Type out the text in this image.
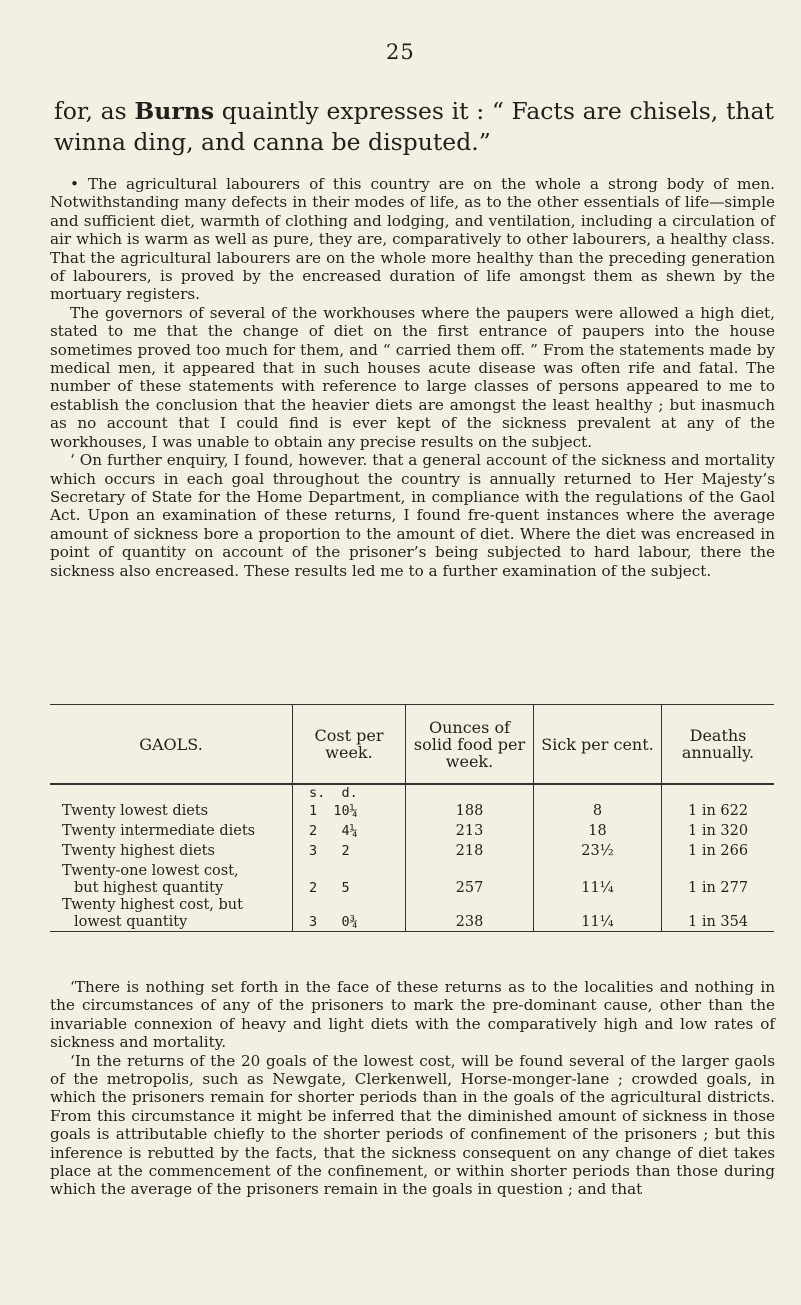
25
for, as Burns quaintly expresses it : “ Facts are chisels, that winna ding, and canna be disputed.”

• The agricultural labourers of this country are on the whole a strong body of men. Notwithstanding many defects in their modes of life, as to the other essentials of life—simple and sufficient diet, warmth of clothing and lodging, and ventilation, including a circulation of air which is warm as well as pure, they are, comparatively to other labourers, a healthy class. That the agricultural labourers are on the whole more healthy than the preceding generation of labourers, is proved by the encreased duration of life amongst them as shewn by the mortuary registers.

The governors of several of the workhouses where the paupers were allowed a high diet, stated to me that the change of diet on the first entrance of paupers into the house sometimes proved too much for them, and “ carried them off. ” From the statements made by medical men, it appeared that in such houses acute disease was often rife and fatal. The number of these statements with reference to large classes of persons appeared to me to establish the conclusion that the heavier diets are amongst the least healthy ; but inasmuch as no account that I could find is ever kept of the sickness prevalent at any of the workhouses, I was unable to obtain any precise results on the subject.

‘ On further enquiry, I found, however. that a general account of the sickness and mortality which occurs in each goal throughout the country is annually returned to Her Majesty’s Secretary of State for the Home Department, in compliance with the regulations of the Gaol Act. Upon an examination of these returns, I found fre-quent instances where the average amount of sickness bore a proportion to the amount of diet. Where the diet was encreased in point of quantity on account of the prisoner’s being subjected to hard labour, there the sickness also encreased. These results led me to a further examination of the subject.

GAOLS.	Cost per week.	Ounces of solid food per week.	Sick per cent.	Deaths annually.
	s.  d.			

Twenty lowest diets	1  10¼	188	8	1 in 622

Twenty intermediate diets	2   4¼	213	18	1 in 320

Twenty highest diets	3   2	218	23½	1 in 266

Twenty-one lowest cost,
but highest quantity	2   5	257	11¼	1 in 277

Twenty highest cost, but
lowest quantity	3   0¾	238	11¼	1 in 354

‘There is nothing set forth in the face of these returns as to the localities and nothing in the circumstances of any of the prisoners to mark the pre-dominant cause, other than the invariable connexion of heavy and light diets with the comparatively high and low rates of sickness and mortality.

‘In the returns of the 20 goals of the lowest cost, will be found several of the larger gaols of the metropolis, such as Newgate, Clerkenwell, Horse-monger-lane ; crowded goals, in which the prisoners remain for shorter periods than in the goals of the agricultural districts. From this circumstance it might be inferred that the diminished amount of sickness in those goals is attributable chiefly to the shorter periods of confinement of the prisoners ; but this inference is rebutted by the facts, that the sickness consequent on any change of diet takes place at the commencement of the confinement, or within shorter periods than those during which the average of the prisoners remain in the goals in question ; and that
